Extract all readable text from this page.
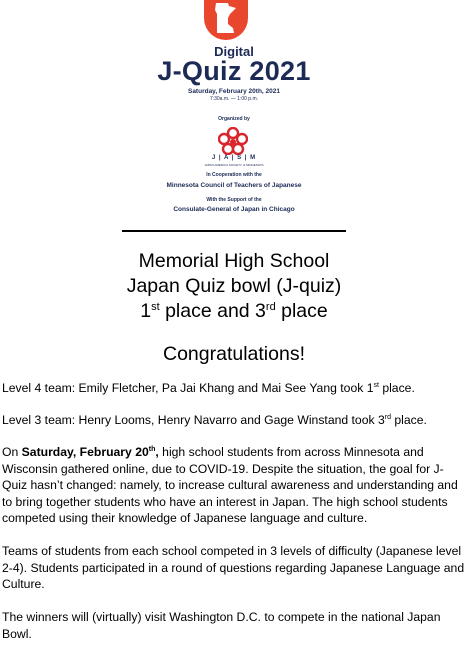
Digital
J-Quiz 2021
Saturday, February 20th, 2021
7:30a.m. — 1:00 p.m.
Organized by
J | A | S | M
JAPAN AMERICA SOCIETY of MINNESOTA
In Cooperation with the
Minnesota Council of Teachers of Japanese
With the Support of the
Consulate-General of Japan in Chicago
Memorial High School
Japan Quiz bowl (J-quiz)
1st place and 3rd place
Congratulations!

Level 4 team: Emily Fletcher, Pa Jai Khang and Mai See Yang took 1st place.

Level 3 team: Henry Looms, Henry Navarro and Gage Winstand took 3rd place.

On Saturday, February 20th, high school students from across Minnesota and Wisconsin gathered online, due to COVID-19. Despite the situation, the goal for J-Quiz hasn’t changed: namely, to increase cultural awareness and understanding and to bring together students who have an interest in Japan. The high school students competed using their knowledge of Japanese language and culture.

Teams of students from each school competed in 3 levels of difficulty (Japanese level 2-4). Students participated in a round of questions regarding Japanese Language and Culture.

The winners will (virtually) visit Washington D.C. to compete in the national Japan Bowl.
